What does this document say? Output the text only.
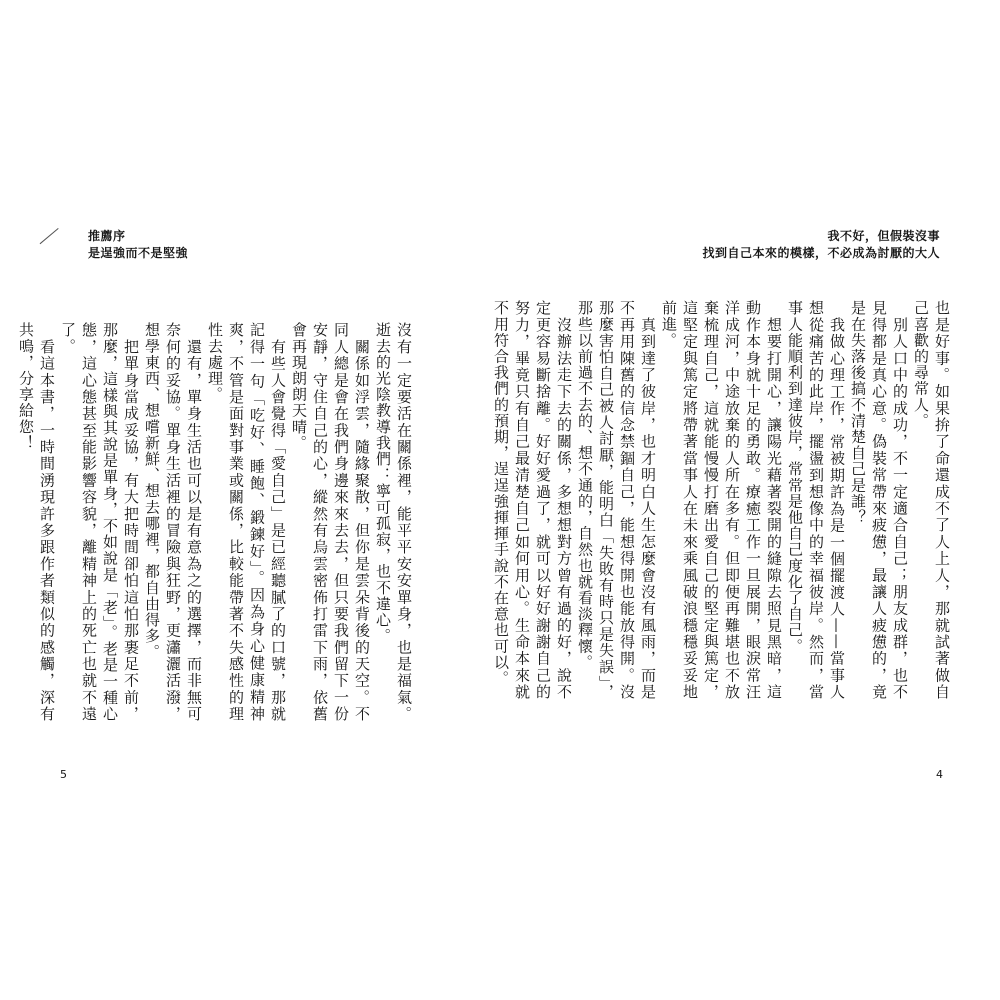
推薦序
是逞強而不是堅強
沒有一定要活在關係裡，能平平安安單身，也是福氣。逝去的光陰教導我們：寧可孤寂，也不違心。
　關係如浮雲，隨緣聚散，但你是雲朵背後的天空。不同人總是會在我們身邊來來去去，但只要我們留下一份安靜，守住自己的心，縱然有烏雲密佈打雷下雨，依舊會再現朗朗天晴。
　有些人會覺得「愛自己」是已經聽膩了的口號，那就記得一句「吃好、睡飽、鍛鍊好」。因為身心健康精神爽，不管是面對事業或關係，比較能帶著不失感性的理性去處理。
　還有，單身生活也可以是有意為之的選擇，而非無可奈何的妥協。單身生活裡的冒險與狂野，更瀟灑活潑，想學東西、想嚐新鮮、想去哪裡，都自由得多。
　把單身當成妥協，有大把時間卻怕這怕那裹足不前，那麼，這樣與其說是單身，不如說是「老」。老是一種心態，這心態甚至能影響容貌，離精神上的死亡也就不遠了。
　看這本書，一時間湧現許多跟作者類似的感觸，深有共鳴，分享給您！
5
我不好，但假裝沒事
找到自己本來的模樣，不必成為討厭的大人
也是好事。如果拚了命還成不了人上人，那就試著做自己喜歡的尋常人。
　別人口中的成功，不一定適合自己；朋友成群，也不見得都是真心意。偽裝常帶來疲憊，最讓人疲憊的，竟是在失落後搞不清楚自己是誰？
　我做心理工作，常被期許為是一個擺渡人——當事人想從痛苦的此岸，擺盪到想像中的幸福彼岸。然而，當事人能順利到達彼岸，常常是他自己度化了自己。
　想要打開心，讓陽光藉著裂開的縫隙去照見黑暗，這動作本身就十足的勇敢。療癒工作一旦展開，眼淚常汪洋成河，中途放棄的人所在多有。但即便再難堪也不放棄梳理自己，這就能慢慢打磨出愛自己的堅定與篤定，這堅定與篤定將帶著當事人在未來乘風破浪穩穩妥妥地前進。
　真到達了彼岸，也才明白人生怎麼會沒有風雨，而是不再用陳舊的信念禁錮自己，能想得開也能放得開。沒那麼害怕自己被人討厭，能明白「失敗有時只是失誤」，那些以前過不去的、想不通的，自然也就看淡釋懷。
　沒辦法走下去的關係，多想想對方曾有過的好，說不定更容易斷捨離。好好愛過了，就可以好好謝謝自己的努力，畢竟只有自己最清楚自己如何用心。生命本來就不用符合我們的預期，逞逞強揮揮手說不在意也可以。
4
